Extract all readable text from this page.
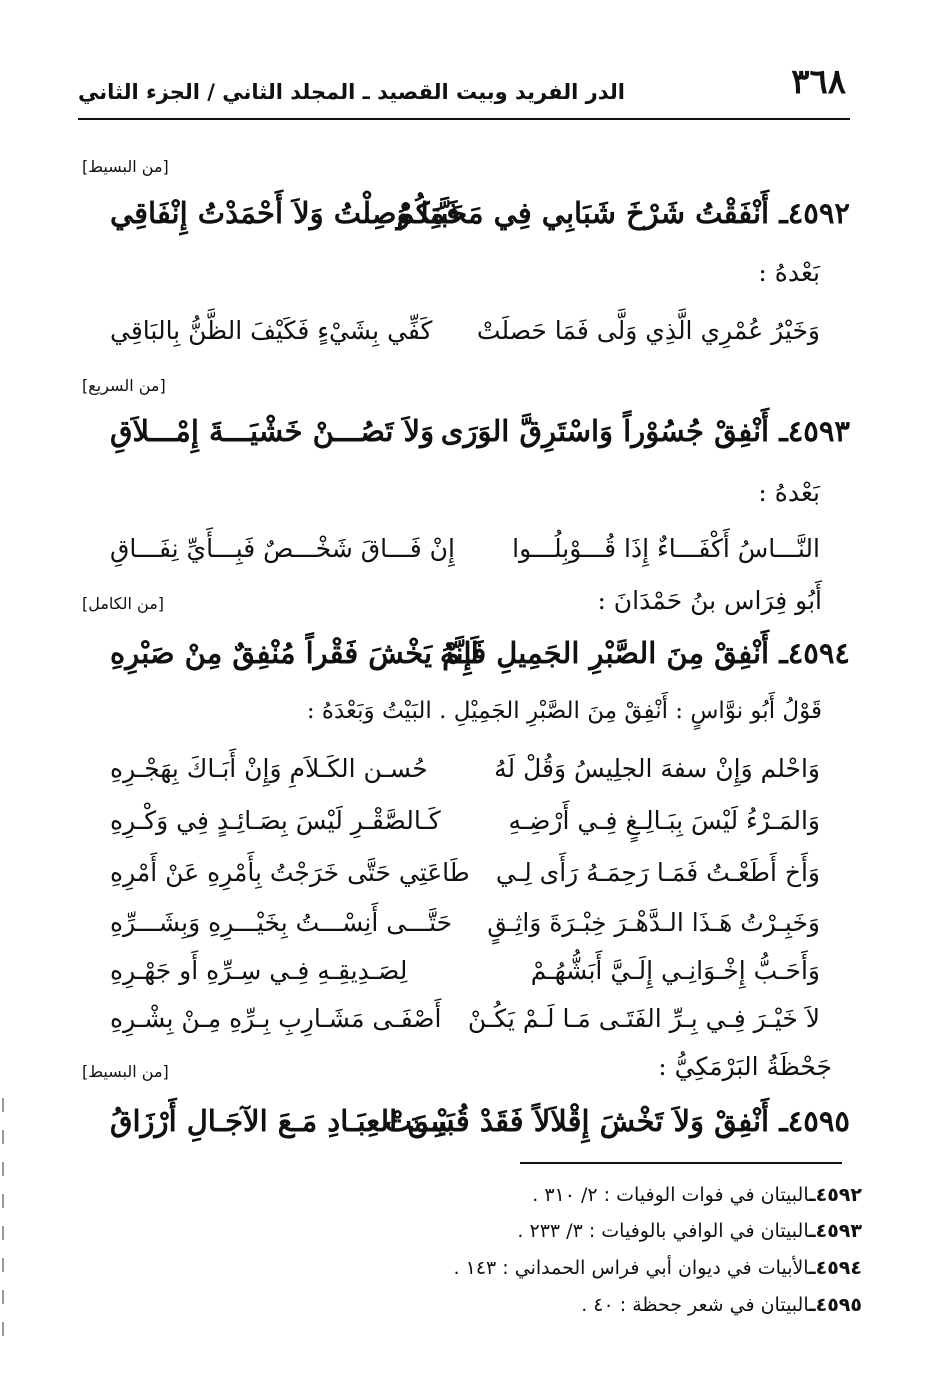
٣٦٨
الدر الفريد وبيت القصيد ـ المجلد الثاني / الجزء الثاني
[من البسيط]
٤٥٩٢ـ أَنْفَقْتُ شَرْخَ شَبَابِي فِي مَحَبَّتِكُمْ
فَمَا وُصِلْتُ وَلاَ أَحْمَدْتُ إِنْفَاقِي
بَعْدهُ :
وَخَيْرُ عُمْرِي الَّذِي وَلَّى فَمَا حَصلَتْ
كَفِّي بِشَيْءٍ فَكَيْفَ الظَّنُّ بِالبَاقِي
[من السريع]
٤٥٩٣ـ أَنْفِقْ جُسُوْراً وَاسْتَرِقَّ الوَرَى
وَلاَ تَصُـــنْ خَشْيَـــةَ إِمْـــلاَقِ
بَعْدهُ :
النَّـــاسُ أَكْفَـــاءٌ إِذَا قُـــوْبِلُـــوا
إِنْ فَـــاقَ شَخْـــصٌ فَبِـــأَيِّ نِفَـــاقِ
أَبُو فِرَاس بنُ حَمْدَانَ :
[من الكامل]
٤٥٩٤ـ أَنْفِقْ مِنَ الصَّبْرِ الجَمِيلِ فَإِنَّهُ
لَـمْ يَخْشَ فَقْراً مُنْفِقٌ مِنْ صَبْرِهِ
قَوْلُ أَبُو نوَّاسٍ : أَنْفِقْ مِنَ الصَّبْرِ الجَمِيْلِ . البَيْتُ وَبَعْدَهُ :
وَاحْلم وَإِنْ سفهَ الجلِيسُ وَقُلْ لَهُ
حُسـن الكَـلاَمِ وَإِنْ أَبَـاكَ بِهَجْـرِهِ
وَالمَـرْءُ لَيْسَ بِبَـالِـغٍ فِـي أَرْضِـهِ
كَـالصَّقْـرِ لَيْسَ بِصَـائِـدٍ فِي وَكْـرِهِ
وَأَخ أَطَعْـتُ فَمَـا رَحِمَـهُ رَأَى لِـي
طَاعَتِي حَتَّى خَرَجْتُ بِأَمْرِهِ عَنْ أَمْرِهِ
وَخَبِـرْتُ هَـذَا الـدَّهْـرَ خِبْـرَةَ وَاثِـقٍ
حَتَّـــى أَنِسْـــتُ بِخَيْـــرِهِ وَبِشَـــرِّهِ
وَأَحَـبُّ إِخْـوَانِـي إِلَـيَّ أَبَشُّهُـمْ
لِصَـدِيقِـهِ فِـي سِـرِّهِ أَو جَهْـرِهِ
لاَ خَيْـرَ فِـي بِـرِّ الفَتَـى مَـا لَـمْ يَكُـنْ
أَصْفَـى مَشَـارِبِ بِـرِّهِ مِـنْ بِشْـرِهِ
جَحْظَةُ البَرْمَكِيُّ :
[من البسيط]
٤٥٩٥ـ أَنْفِقْ وَلاَ تَخْشَ إِقْلاَلاً فَقَدْ قُسِمَتْ
بَيْـنَ العِبَـادِ مَـعَ الآجَـالِ أَرْزَاقُ
٤٥٩٢ـالبيتان في فوات الوفيات : ٢/ ٣١٠ .
٤٥٩٣ـالبيتان في الوافي بالوفيات : ٣/ ٢٣٣ .
٤٥٩٤ـالأبيات في ديوان أبي فراس الحمداني : ١٤٣ .
٤٥٩٥ـالبيتان في شعر جحظة : ٤٠ .
